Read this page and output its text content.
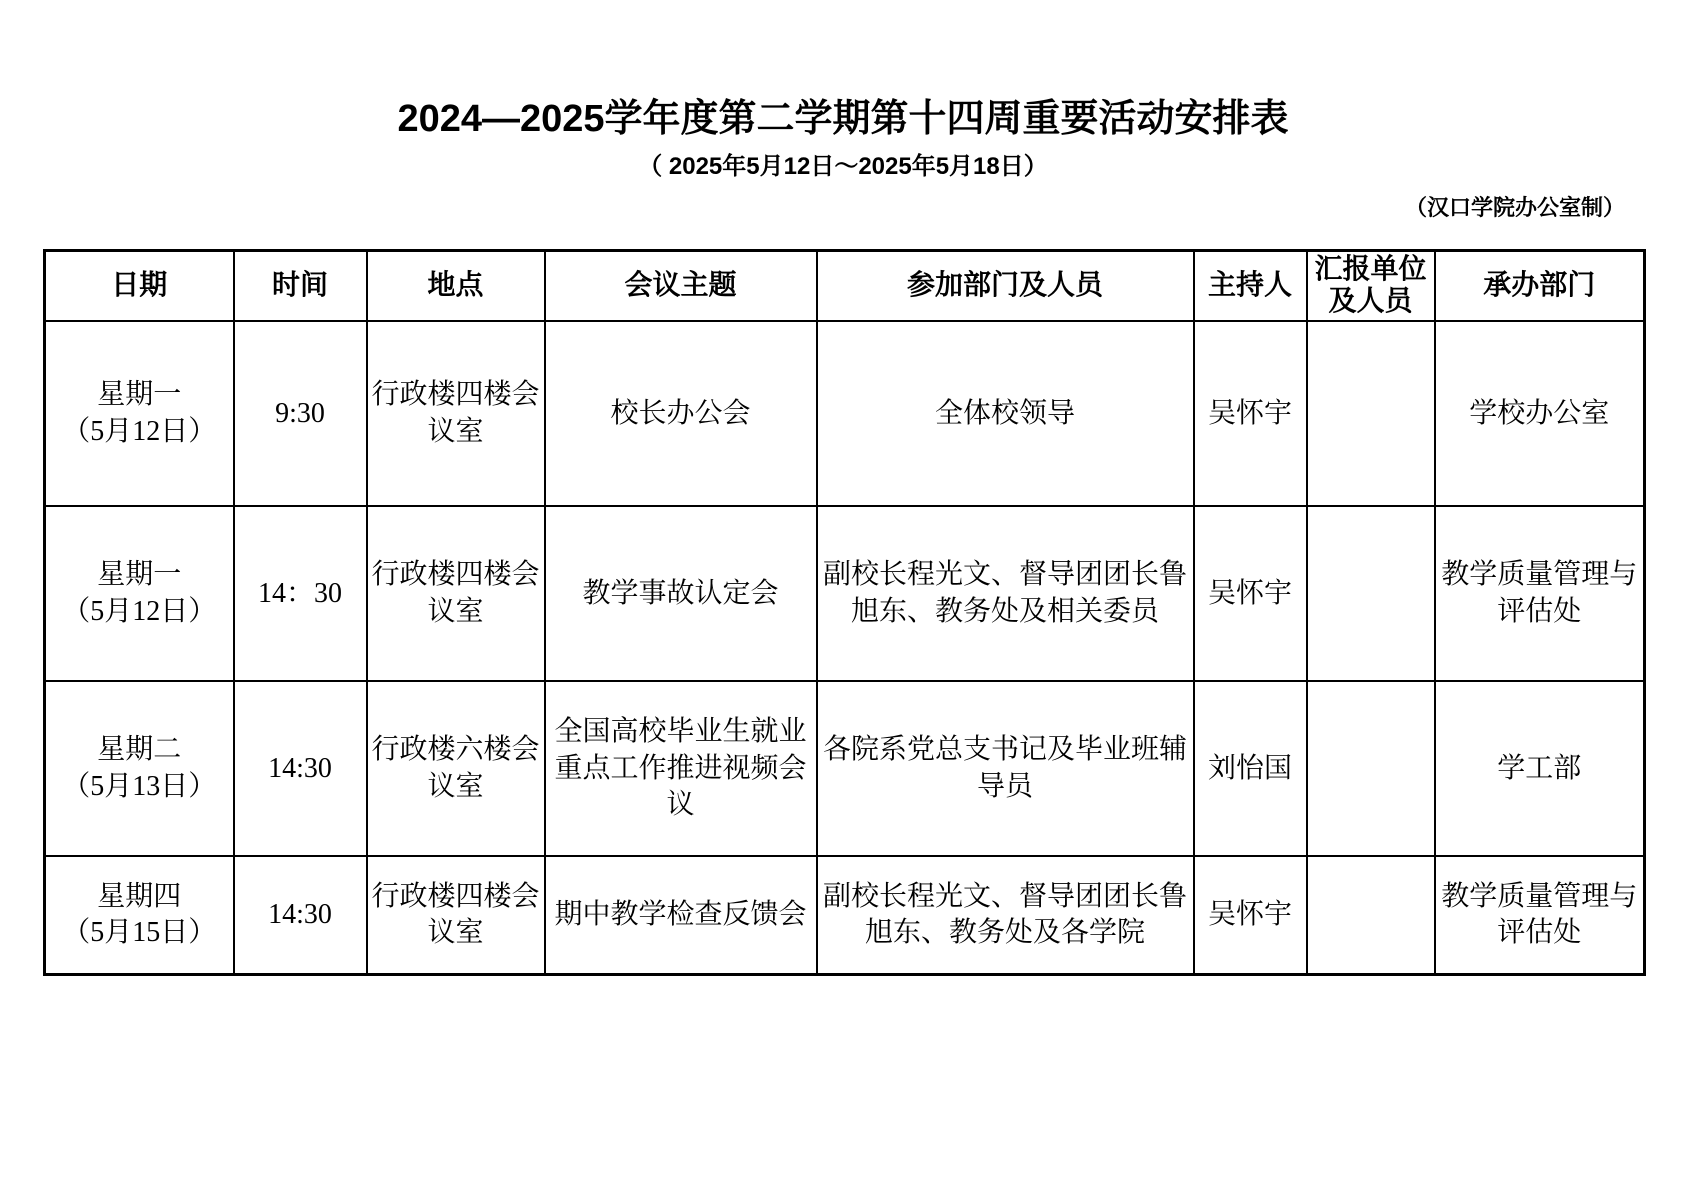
2024—2025学年度第二学期第十四周重要活动安排表
（ 2025年5月12日～2025年5月18日）
（汉口学院办公室制）
日期	时间	地点	会议主题	参加部门及人员	主持人	汇报单位及人员	承办部门

星期一
（5月12日）	9:30	行政楼四楼会议室	校长办公会	全体校领导	吴怀宇		学校办公室

星期一
（5月12日）	14：30	行政楼四楼会议室	教学事故认定会	副校长程光文、督导团团长鲁旭东、教务处及相关委员	吴怀宇		教学质量管理与评估处

星期二
（5月13日）	14:30	行政楼六楼会议室	全国高校毕业生就业重点工作推进视频会议	各院系党总支书记及毕业班辅导员	刘怡国		学工部

星期四
（5月15日）	14:30	行政楼四楼会议室	期中教学检查反馈会	副校长程光文、督导团团长鲁旭东、教务处及各学院	吴怀宇		教学质量管理与评估处
